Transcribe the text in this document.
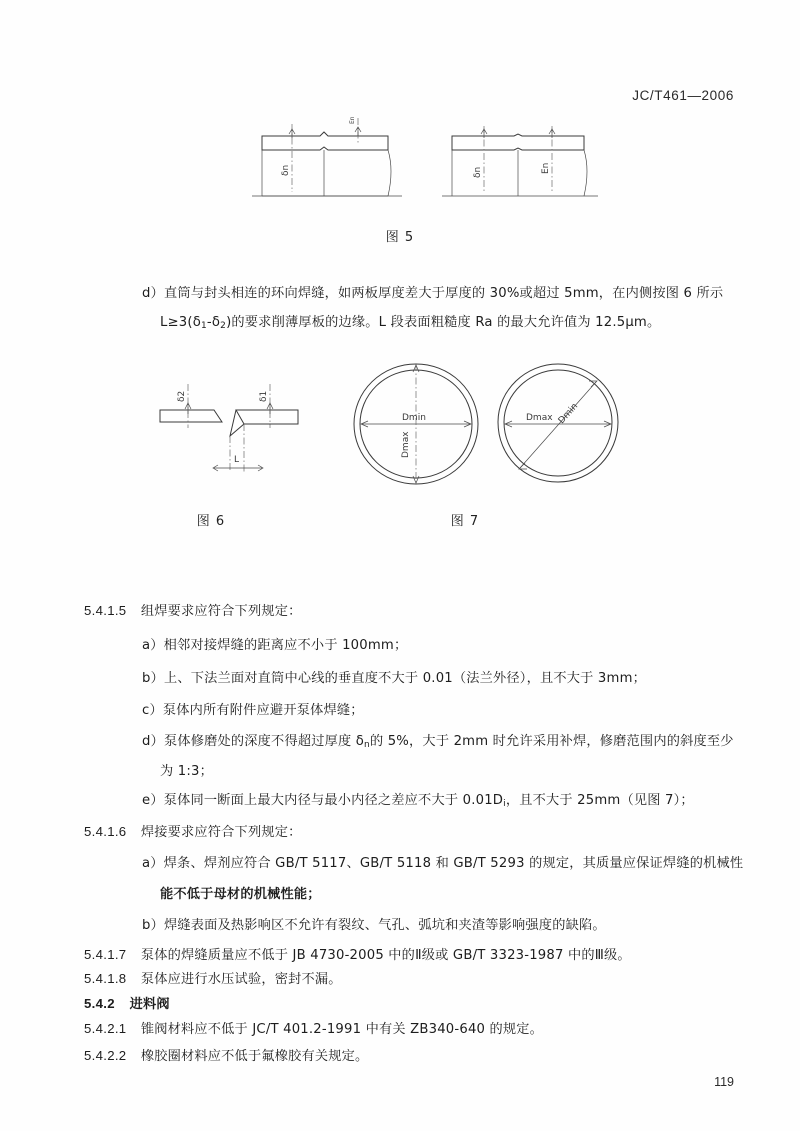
JC/T461—2006
δn
En
δn	En
图 5
L
δ2	δ1
Dmin
Dmax
Dmax Dmin
图 6	图 7
d）直筒与封头相连的环向焊缝，如两板厚度差大于厚度的 30%或超过 5mm，在内侧按图 6 所示
$L\ge 3(\delta_1-\delta_2)$的要求削薄厚板的边缘。L 段表面粗糙度 Ra 的最大允许值为 12.5μm。
5.4.1.5 组焊要求应符合下列规定：
a）相邻对接焊缝的距离应不小于 100mm；
b）上、下法兰面对直筒中心线的垂直度不大于 0.01（法兰外径），且不大于 3mm；
c）泵体内所有附件应避开泵体焊缝；
d）泵体修磨处的深度不得超过厚度 $\delta_n$的 5%，大于 2mm 时允许采用补焊，修磨范围内的斜度至少
为 1:3；
e）泵体同一断面上最大内径与最小内径之差应不大于 $0.01D_i$，且不大于 25mm（见图 7）；
5.4.1.6 焊接要求应符合下列规定：
a）焊条、焊剂应符合 GB/T 5117、GB/T 5118 和 GB/T 5293 的规定，其质量应保证焊缝的机械性
能不低于母材的机械性能；
b）焊缝表面及热影响区不允许有裂纹、气孔、弧坑和夹渣等影响强度的缺陷。
5.4.1.7 泵体的焊缝质量应不低于 JB 4730-2005 中的Ⅱ级或 GB/T 3323-1987 中的Ⅲ级。
5.4.1.8 泵体应进行水压试验，密封不漏。
5.4.2 进料阀
5.4.2.1 锥阀材料应不低于 JC/T 401.2-1991 中有关 ZB340-640 的规定。
5.4.2.2 橡胶圈材料应不低于氟橡胶有关规定。
119
